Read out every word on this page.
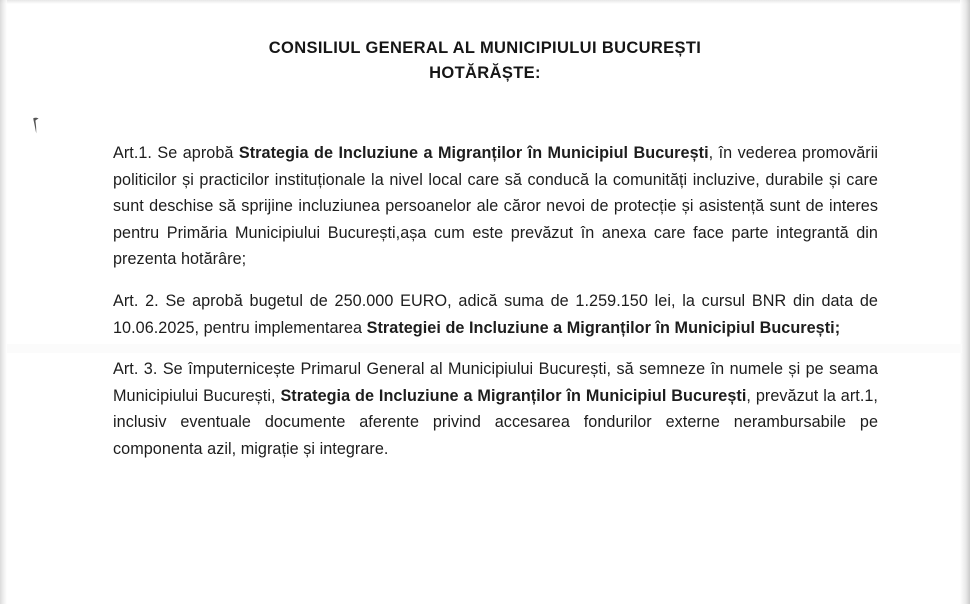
CONSILIUL GENERAL AL MUNICIPIULUI BUCUREȘTI
HOTĂRĂȘTE:

Art.1. Se aprobă Strategia de Incluziune a Migranților în Municipiul București, în vederea promovării politicilor și practicilor instituționale la nivel local care să conducă la comunități incluzive, durabile și care sunt deschise să sprijine incluziunea persoanelor ale căror nevoi de protecție și asistență sunt de interes pentru Primăria Municipiului București,așa cum este prevăzut în anexa care face parte integrantă din prezenta hotărâre;

Art. 2. Se aprobă bugetul de 250.000 EURO, adică suma de 1.259.150 lei, la cursul BNR din data de 10.06.2025, pentru implementarea Strategiei de Incluziune a Migranților în Municipiul București;

Art. 3. Se împuternicește Primarul General al Municipiului București, să semneze în numele și pe seama Municipiului București, Strategia de Incluziune a Migranților în Municipiul București, prevăzut la art.1, inclusiv eventuale documente aferente privind accesarea fondurilor externe nerambursabile pe componenta azil, migrație și integrare.
